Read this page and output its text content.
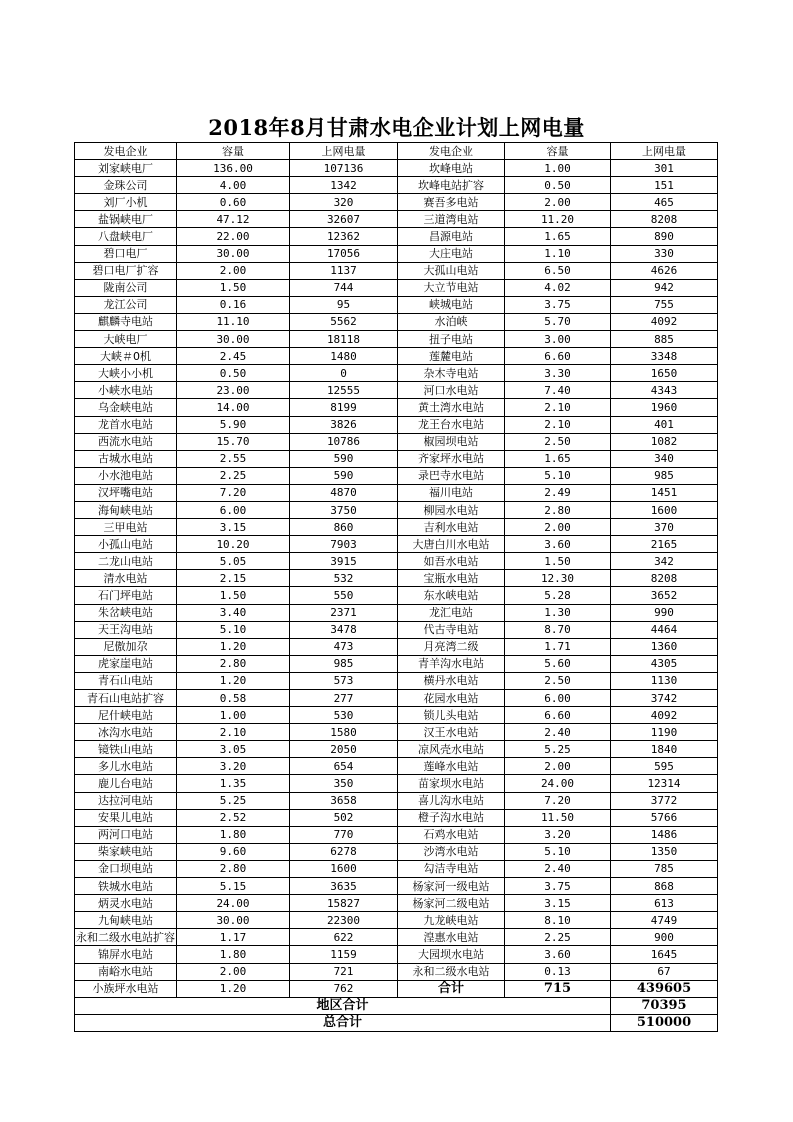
2018年8月甘肃水电企业计划上网电量
发电企业	容量	上网电量	发电企业	容量	上网电量
刘家峡电厂	136.00	107136	坎峰电站	1.00	301
金珠公司	4.00	1342	坎峰电站扩容	0.50	151
刘厂小机	0.60	320	赛吾多电站	2.00	465
盐锅峡电厂	47.12	32607	三道湾电站	11.20	8208
八盘峡电厂	22.00	12362	昌源电站	1.65	890
碧口电厂	30.00	17056	大庄电站	1.10	330
碧口电厂扩容	2.00	1137	大孤山电站	6.50	4626
陇南公司	1.50	744	大立节电站	4.02	942
龙江公司	0.16	95	峡城电站	3.75	755
麒麟寺电站	11.10	5562	水泊峡	5.70	4092
大峡电厂	30.00	18118	扭子电站	3.00	885
大峡＃0机	2.45	1480	莲麓电站	6.60	3348
大峡小小机	0.50	0	杂木寺电站	3.30	1650
小峡水电站	23.00	12555	河口水电站	7.40	4343
乌金峡电站	14.00	8199	黄土湾水电站	2.10	1960
龙首水电站	5.90	3826	龙王台水电站	2.10	401
西流水电站	15.70	10786	椒园坝电站	2.50	1082
古城水电站	2.55	590	齐家坪水电站	1.65	340
小水池电站	2.25	590	录巴寺水电站	5.10	985
汉坪嘴电站	7.20	4870	福川电站	2.49	1451
海甸峡电站	6.00	3750	柳园水电站	2.80	1600
三甲电站	3.15	860	吉利水电站	2.00	370
小孤山电站	10.20	7903	大唐白川水电站	3.60	2165
二龙山电站	5.05	3915	如吾水电站	1.50	342
清水电站	2.15	532	宝瓶水电站	12.30	8208
石门坪电站	1.50	550	东水峡电站	5.28	3652
朱岔峡电站	3.40	2371	龙汇电站	1.30	990
天王沟电站	5.10	3478	代古寺电站	8.70	4464
尼傲加尕	1.20	473	月亮湾二级	1.71	1360
虎家崖电站	2.80	985	青羊沟水电站	5.60	4305
青石山电站	1.20	573	横丹水电站	2.50	1130
青石山电站扩容	0.58	277	花园水电站	6.00	3742
尼什峡电站	1.00	530	锁儿头电站	6.60	4092
冰沟水电站	2.10	1580	汉王水电站	2.40	1190
镜铁山电站	3.05	2050	凉风壳水电站	5.25	1840
多儿水电站	3.20	654	莲峰水电站	2.00	595
鹿儿台电站	1.35	350	苗家坝水电站	24.00	12314
达拉河电站	5.25	3658	喜儿沟水电站	7.20	3772
安果儿电站	2.52	502	橙子沟水电站	11.50	5766
两河口电站	1.80	770	石鸡水电站	3.20	1486
柴家峡电站	9.60	6278	沙湾水电站	5.10	1350
金口坝电站	2.80	1600	勾洁寺电站	2.40	785
铁城水电站	5.15	3635	杨家河一级电站	3.75	868
炳灵水电站	24.00	15827	杨家河二级电站	3.15	613
九甸峡电站	30.00	22300	九龙峡电站	8.10	4749
永和二级水电站扩容	1.17	622	湟惠水电站	2.25	900
锦屏水电站	1.80	1159	大园坝水电站	3.60	1645
南峪水电站	2.00	721	永和二级水电站	0.13	67
小族坪水电站	1.20	762	合计	715	439605
地区合计					70395
总合计					510000
